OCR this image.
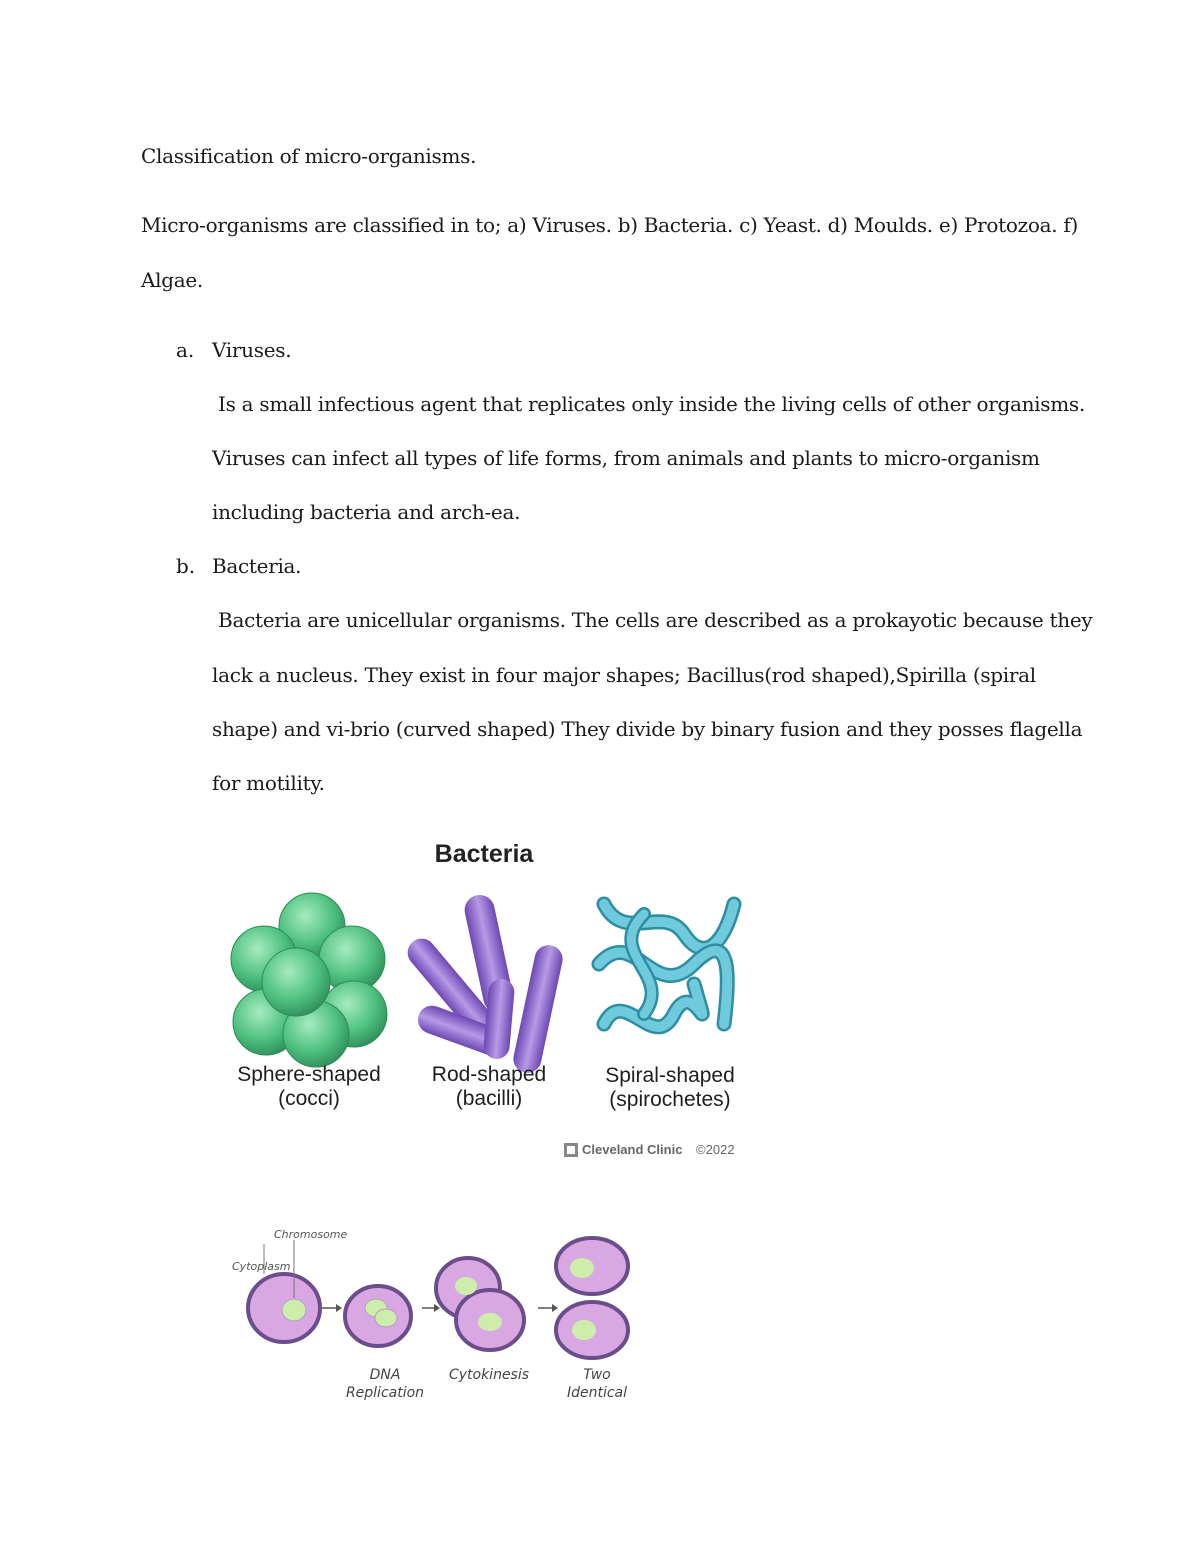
Classification of micro-organisms.
Micro-organisms are classified in to; a) Viruses. b) Bacteria. c) Yeast. d) Moulds. e) Protozoa. f)
Algae.
a. Viruses.
Is a small infectious agent that replicates only inside the living cells of other organisms.
Viruses can infect all types of life forms, from animals and plants to micro-organism
including bacteria and arch-ea.
b. Bacteria.
Bacteria are unicellular organisms. The cells are described as a prokayotic because they
lack a nucleus. They exist in four major shapes; Bacillus(rod shaped),Spirilla (spiral
shape) and vi-brio (curved shaped) They divide by binary fusion and they posses flagella
for motility.
Bacteria
Sphere-shaped
(cocci)
Rod-shaped
(bacilli)
Spiral-shaped
(spirochetes)
Cleveland Clinic ©2022
Chromosome
Cytoplasm
DNA
Replication
Cytokinesis	Two
Identical
